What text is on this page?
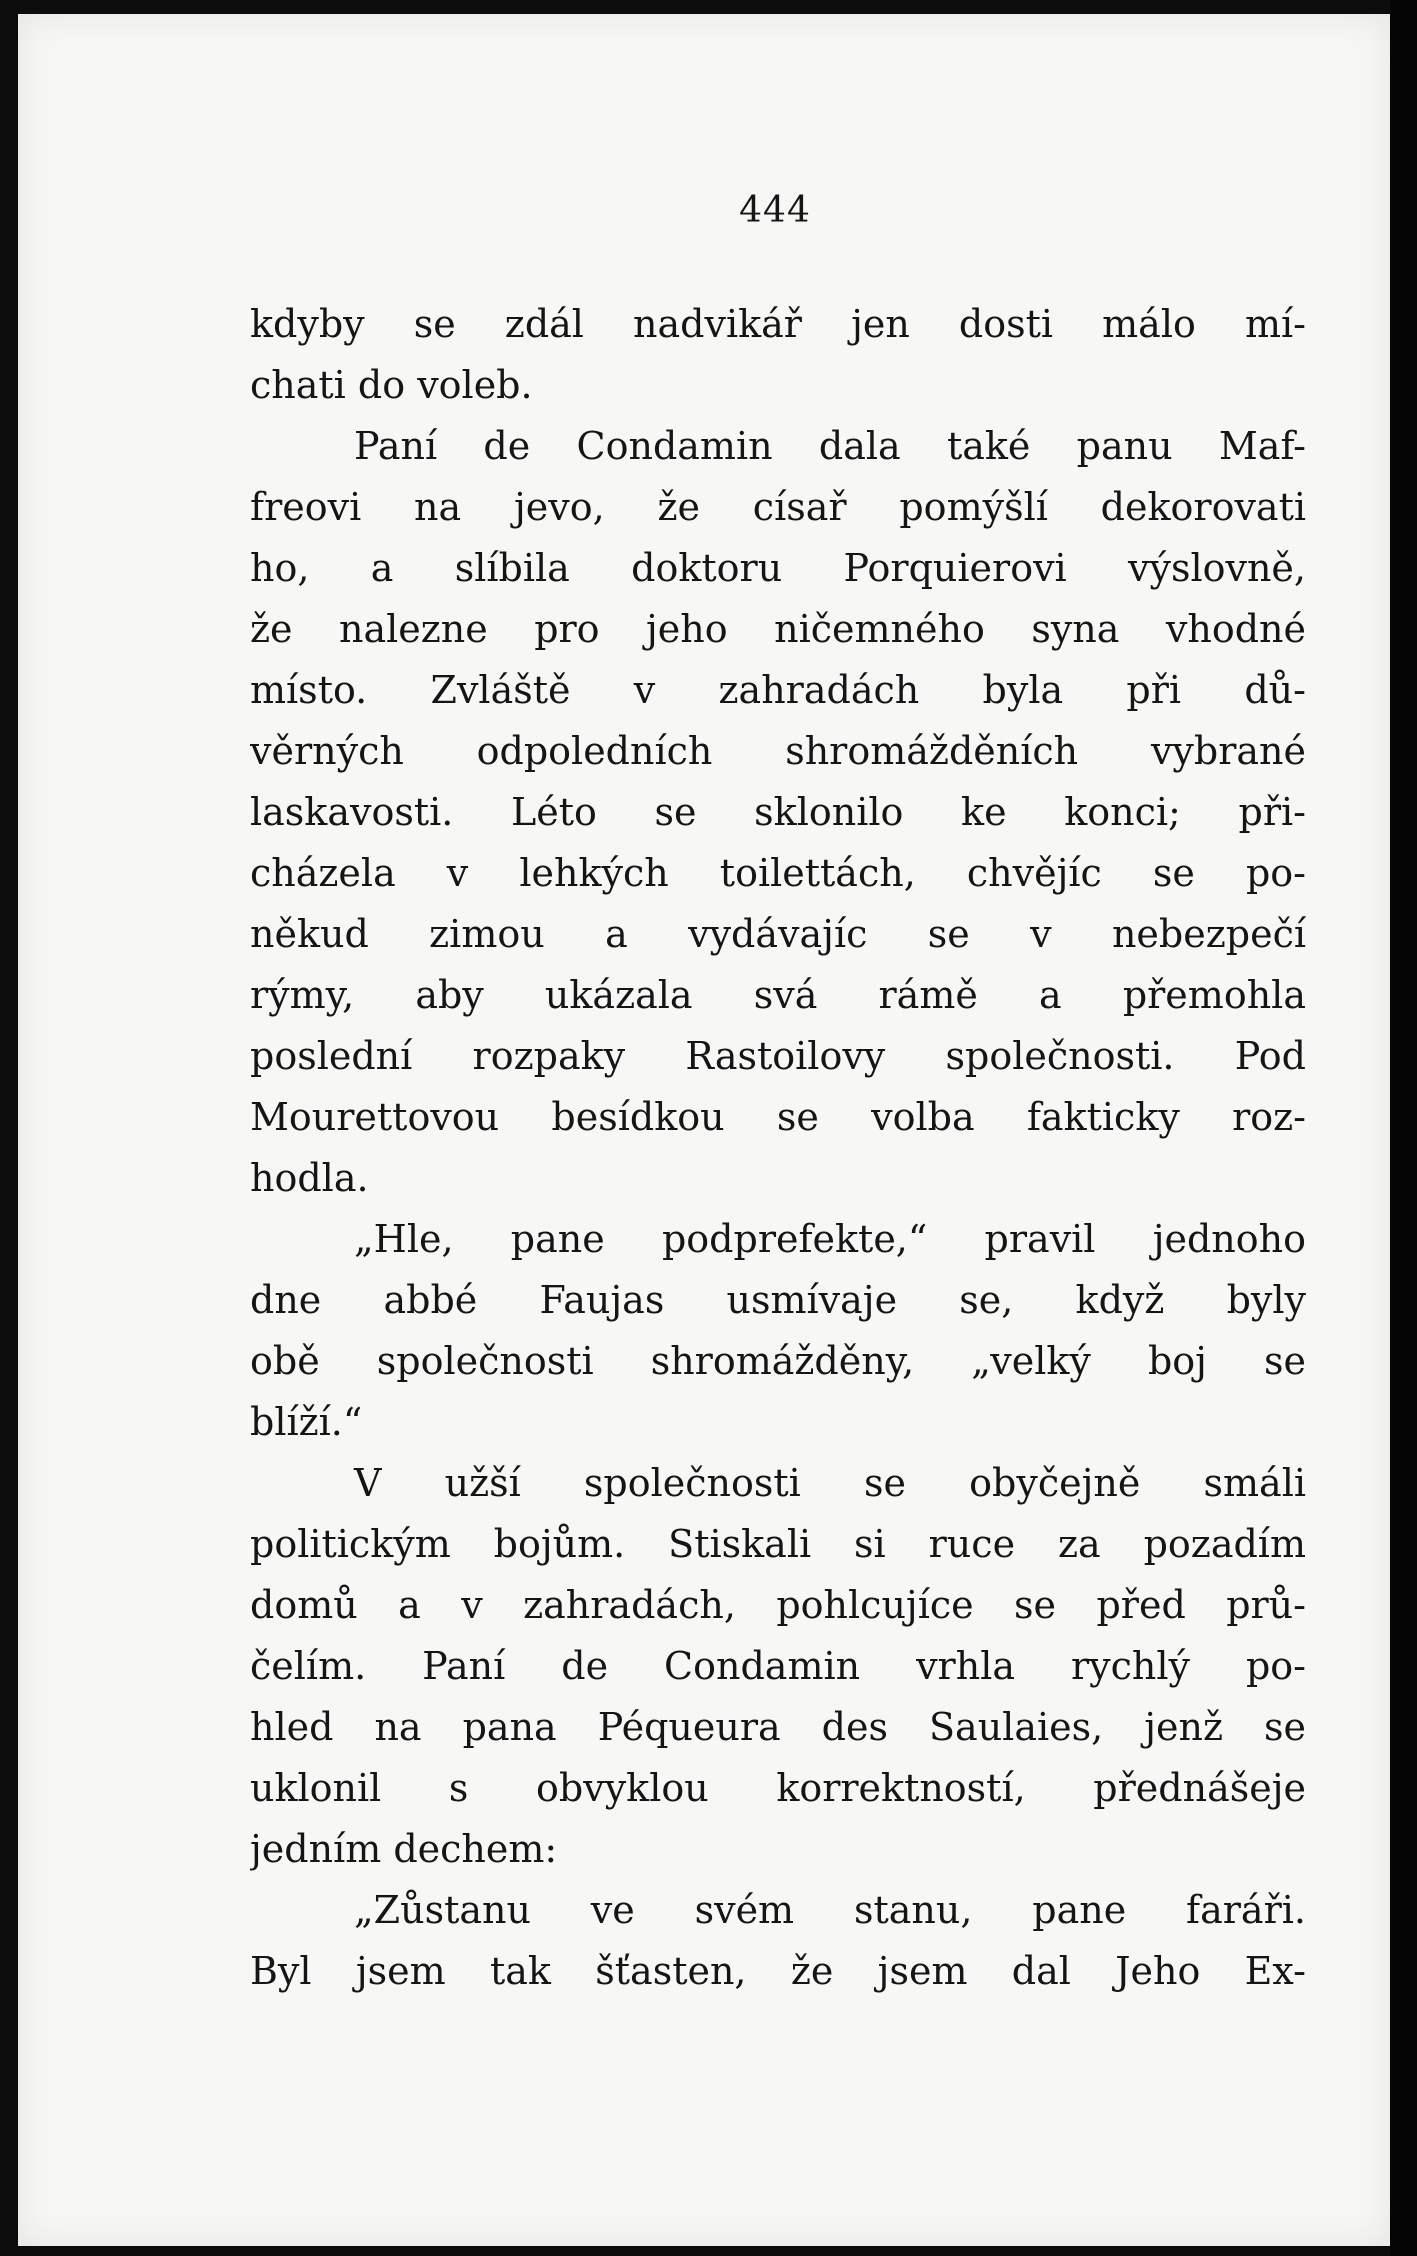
444
kdyby se zdál nadvikář jen dosti málo mí-
chati do voleb.
Paní de Condamin dala také panu Maf-
freovi na jevo, že císař pomýšlí dekorovati
ho, a slíbila doktoru Porquierovi výslovně,
že nalezne pro jeho ničemného syna vhodné
místo. Zvláště v zahradách byla při dů-
věrných odpoledních shromážděních vybrané
laskavosti. Léto se sklonilo ke konci; při-
cházela v lehkých toilettách, chvějíc se po-
někud zimou a vydávajíc se v nebezpečí
rýmy, aby ukázala svá rámě a přemohla
poslední rozpaky Rastoilovy společnosti. Pod
Mourettovou besídkou se volba fakticky roz-
hodla.
„Hle, pane podprefekte,“ pravil jednoho
dne abbé Faujas usmívaje se, když byly
obě společnosti shromážděny, „velký boj se
blíží.“
V užší společnosti se obyčejně smáli
politickým bojům. Stiskali si ruce za pozadím
domů a v zahradách, pohlcujíce se před prů-
čelím. Paní de Condamin vrhla rychlý po-
hled na pana Péqueura des Saulaies, jenž se
uklonil s obvyklou korrektností, přednášeje
jedním dechem:
„Zůstanu ve svém stanu, pane faráři.
Byl jsem tak šťasten, že jsem dal Jeho Ex-
